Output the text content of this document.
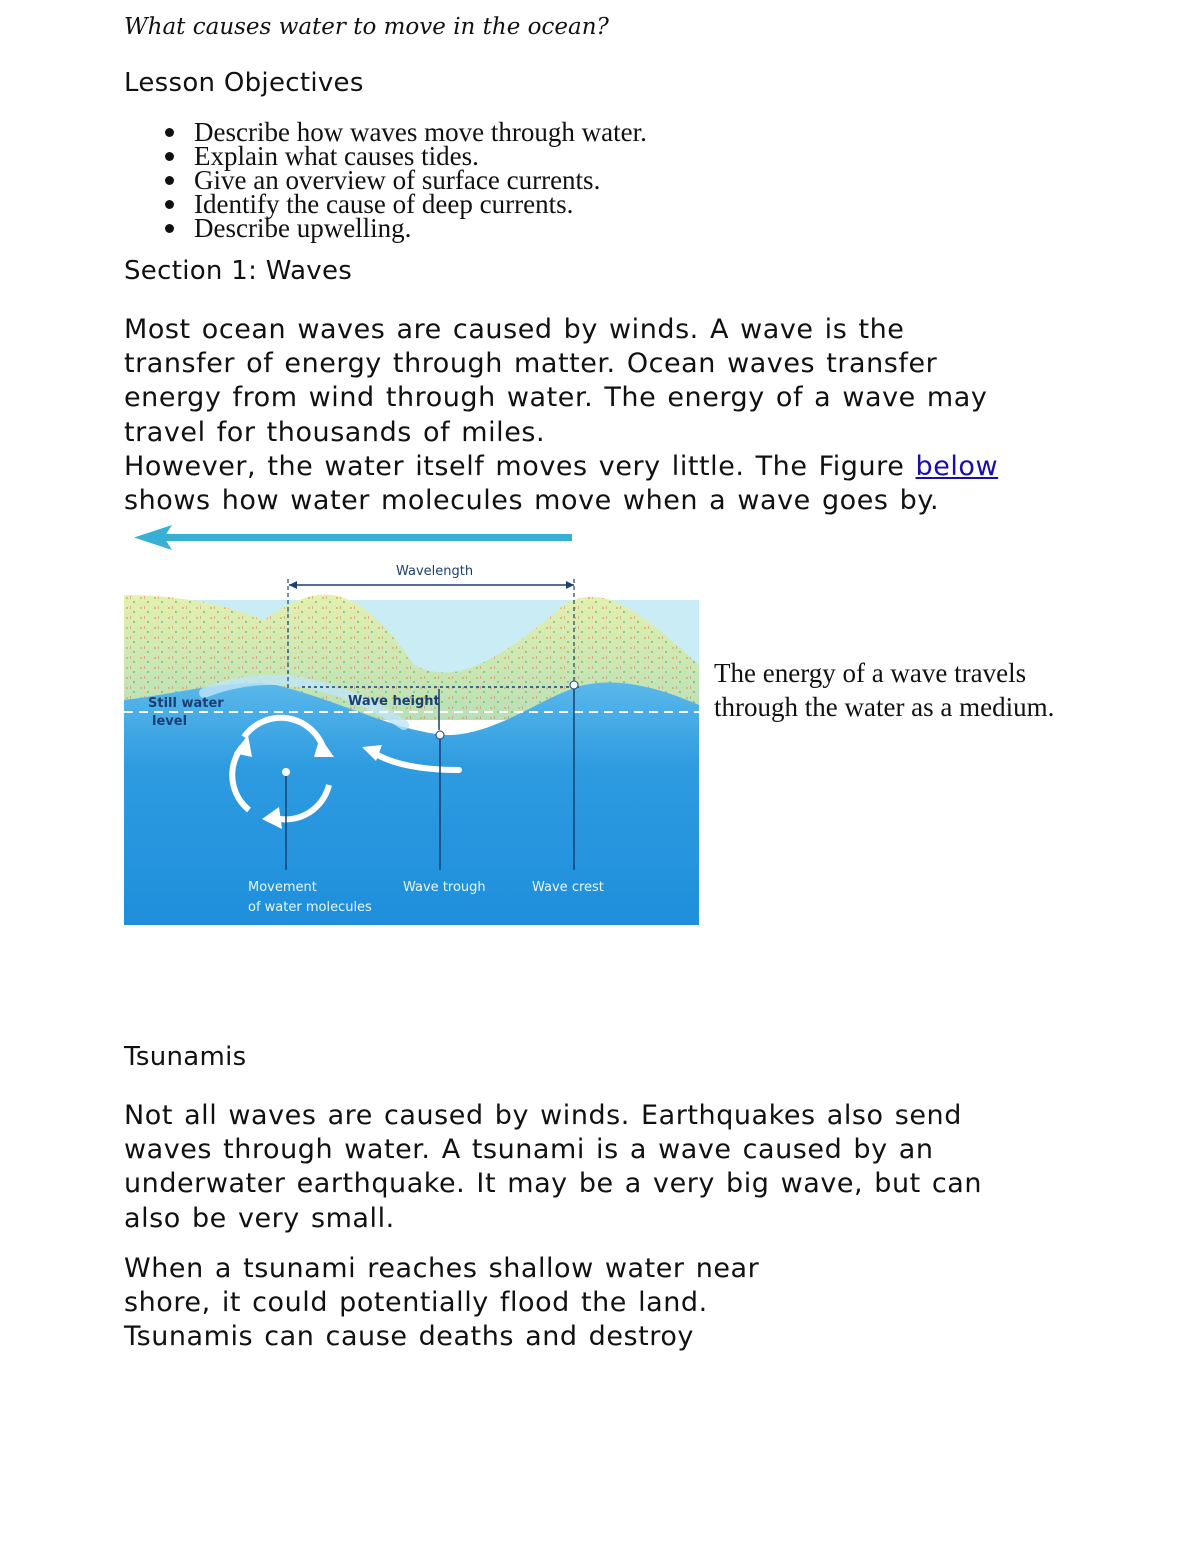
What causes water to move in the ocean?

Lesson Objectives
Describe how waves move through water.
Explain what causes tides.
Give an overview of surface currents.
Identify the cause of deep currents.
Describe upwelling.
Section 1: Waves

Most ocean waves are caused by winds. A wave is the
transfer of energy through matter. Ocean waves transfer
energy from wind through water. The energy of a wave may
travel for thousands of miles.
However, the water itself moves very little. The Figure below
shows how water molecules move when a wave goes by.

Wavelength
Still water
level
Wave height
Movement
of water molecules
Wave trough	Wave crest

The energy of a wave travels
through the water as a medium.

Tsunamis

Not all waves are caused by winds. Earthquakes also send
waves through water. A tsunami is a wave caused by an
underwater earthquake. It may be a very big wave, but can
also be very small.

When a tsunami reaches shallow water near
shore, it could potentially flood the land.
Tsunamis can cause deaths and destroy
